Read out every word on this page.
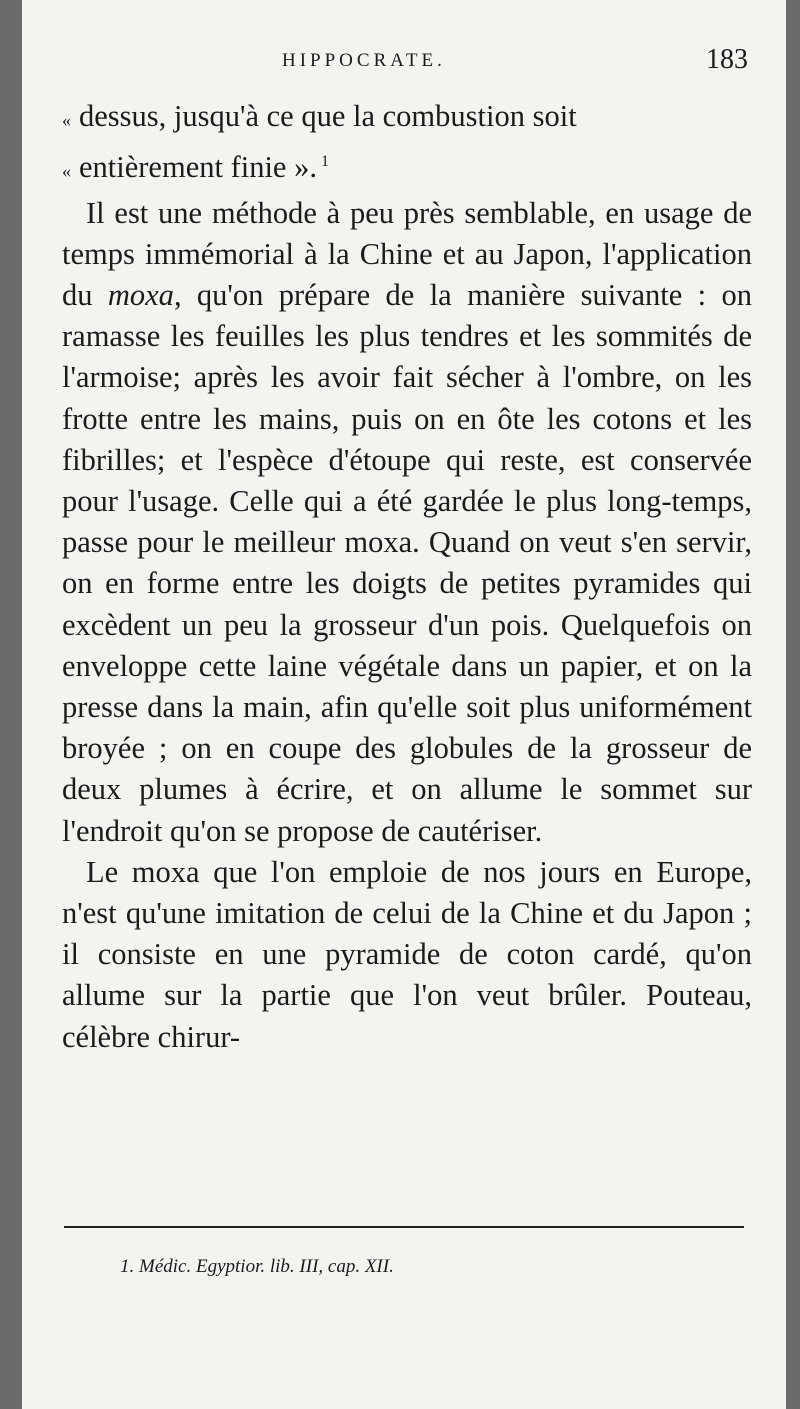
HIPPOCRATE.	183

« dessus, jusqu'à ce que la combustion soit
« entièrement finie ». $^1$

Il est une méthode à peu près semblable, en usage de temps immémorial à la Chine et au Japon, l'application du moxa, qu'on prépare de la manière suivante : on ramasse les feuilles les plus tendres et les sommités de l'armoise; après les avoir fait sécher à l'ombre, on les frotte entre les mains, puis on en ôte les cotons et les fibrilles; et l'espèce d'étoupe qui reste, est conservée pour l'usage. Celle qui a été gardée le plus long-temps, passe pour le meilleur moxa. Quand on veut s'en servir, on en forme entre les doigts de petites pyramides qui excèdent un peu la grosseur d'un pois. Quelquefois on enveloppe cette laine végétale dans un papier, et on la presse dans la main, afin qu'elle soit plus uniformément broyée ; on en coupe des globules de la grosseur de deux plumes à écrire, et on allume le sommet sur l'endroit qu'on se propose de cautériser.

Le moxa que l'on emploie de nos jours en Europe, n'est qu'une imitation de celui de la Chine et du Japon ; il consiste en une pyramide de coton cardé, qu'on allume sur la partie que l'on veut brûler. Pouteau, célèbre chirur-

1. Médic. Egyptior. lib. III, cap. XII.
